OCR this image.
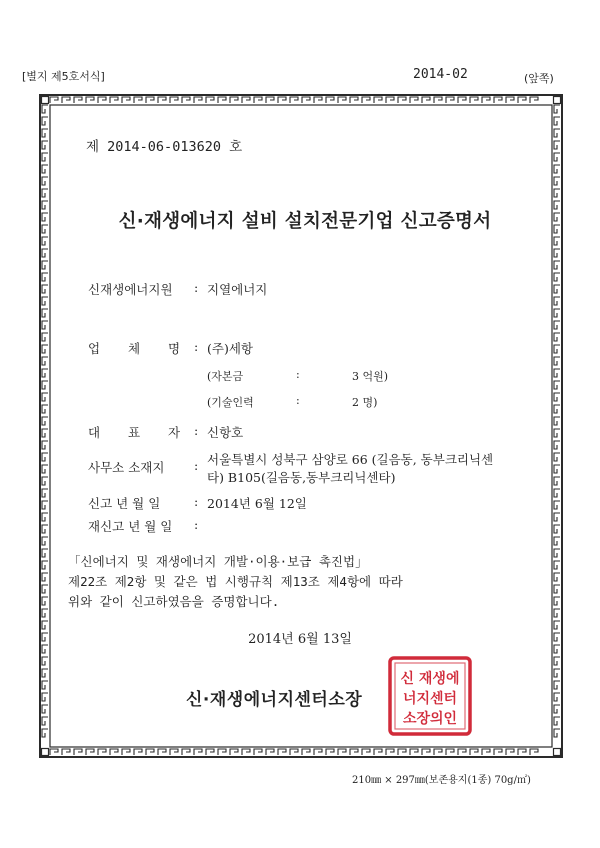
[별지 제5호서식]	2014-02	(앞쪽)
제 2014-06-013620 호
신·재생에너지 설비 설치전문기업 신고증명서
신재생에너지원 : 지열에너지
업 체 명 : (주)세항
(자본금	:	3 억원)
(기술인력	:	2 명)
대 표 자 : 신항호
사무소 소재지 : 서울특별시 성북구 삼양로 66 (길음동, 동부크리닉센
타) B105(길음동,동부크리닉센타)
신고 년 월 일	: 2014년 6월 12일
재신고 년 월 일 :
「신에너지 및 재생에너지 개발·이용·보급 촉진법」
제22조 제2항 및 같은 법 시행규칙 제13조 제4항에 따라
위와 같이 신고하였음을 증명합니다.
2014년 6월 13일
신·재생에너지센터소장
신 재생에
너지센터
소장의인
210㎜ × 297㎜(보존용지(1종) 70g/㎡)
